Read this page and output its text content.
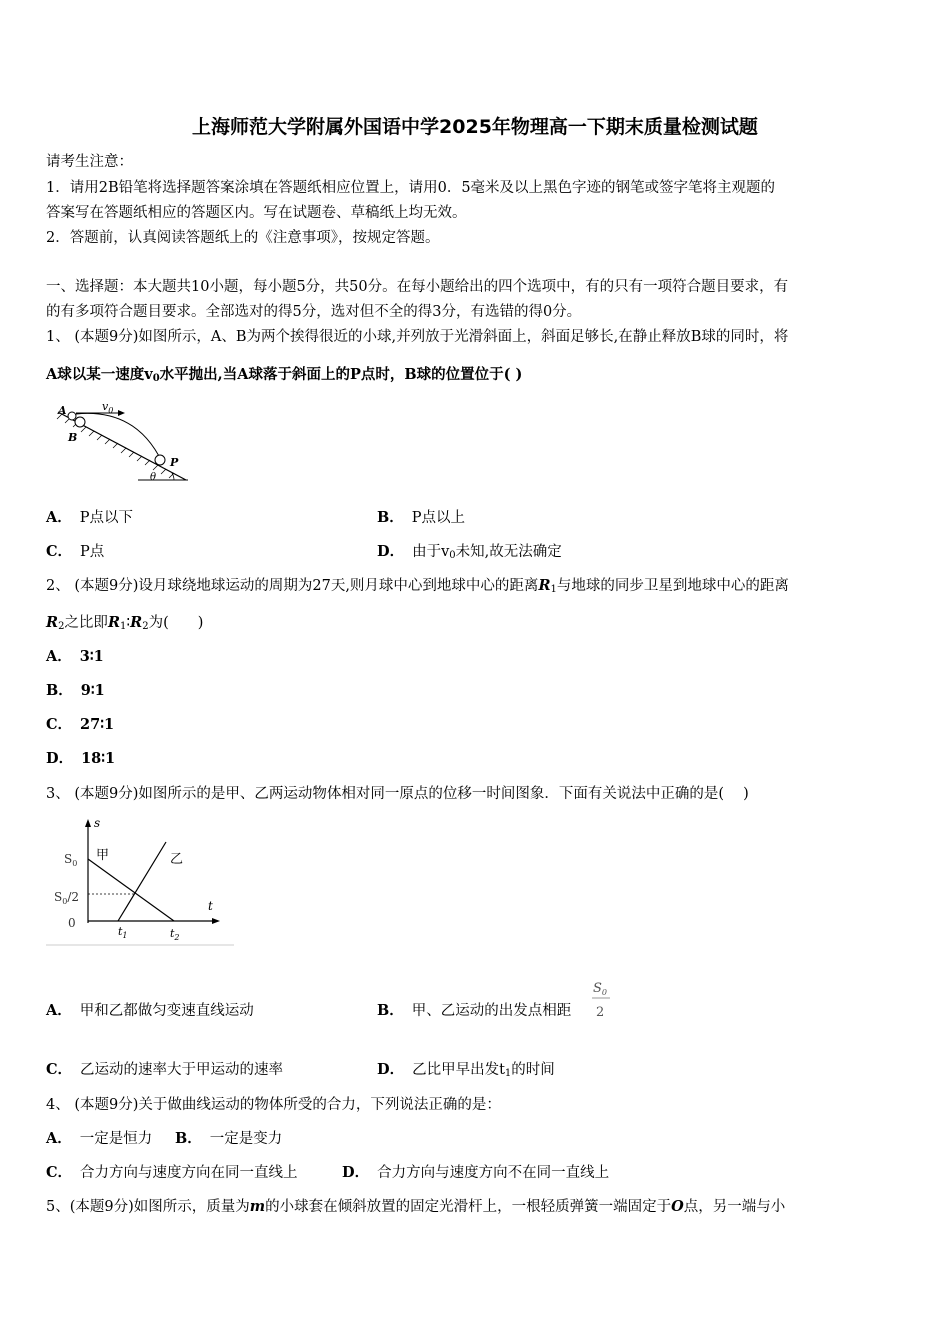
上海师范大学附属外国语中学2025年物理高一下期末质量检测试题
请考生注意：
1．请用2B铅笔将选择题答案涂填在答题纸相应位置上，请用0．5毫米及以上黑色字迹的钢笔或签字笔将主观题的
答案写在答题纸相应的答题区内。写在试题卷、草稿纸上均无效。
2．答题前，认真阅读答题纸上的《注意事项》，按规定答题。
一、选择题：本大题共10小题，每小题5分，共50分。在每小题给出的四个选项中，有的只有一项符合题目要求，有
的有多项符合题目要求。全部选对的得5分，选对但不全的得3分，有选错的得0分。
1、 (本题9分)如图所示，A、B为两个挨得很近的小球,并列放于光滑斜面上，斜面足够长,在静止释放B球的同时，将
A球以某一速度$v_0$水平抛出,当A球落于斜面上的P点时，B球的位置位于( )
A
B
$v_0$
P
θ
A． P点以下	B． P点以上
C． P点	D． 由于$v_0$未知,故无法确定
2、 (本题9分)设月球绕地球运动的周期为27天,则月球中心到地球中心的距离$R_1$与地球的同步卫星到地球中心的距离
$R_2$之比即$R_1∶R_2$为(　　)
A． 3∶1
B． 9∶1
C． 27∶1
D． 18∶1
3、 (本题9分)如图所示的是甲、乙两运动物体相对同一原点的位移一时间图象．下面有关说法中正确的是(　 )
s
$S_0$
甲	乙
$S_0/2$
0
t
$t_1$	$t_2$
A． 甲和乙都做匀变速直线运动	B． 甲、乙运动的出发点相距
$S_0$
2
C． 乙运动的速率大于甲运动的速率	D． 乙比甲早出发$t_1$的时间
4、 (本题9分)关于做曲线运动的物体所受的合力，下列说法正确的是：
A． 一定是恒力 B． 一定是变力
C． 合力方向与速度方向在同一直线上	D． 合力方向与速度方向不在同一直线上
5、(本题9分)如图所示，质量为m的小球套在倾斜放置的固定光滑杆上，一根轻质弹簧一端固定于O点，另一端与小
